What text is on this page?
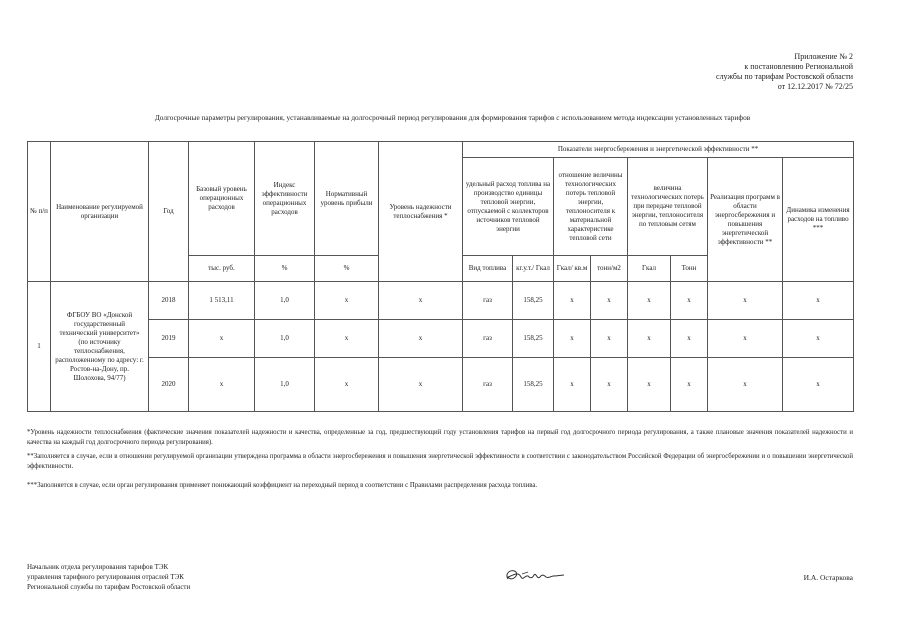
Приложение № 2
к постановлению Региональной
службы по тарифам Ростовской области
от 12.12.2017 № 72/25
Долгосрочные параметры регулирования, устанавливаемые на долгосрочный период регулирования для формирования тарифов с использованием метода индексации установленных тарифов
№ п/п	Наименование регулируемой организации	Год	Базовый уровень операционных расходов	Индекс эффективности операционных расходов	Нормативный уровень прибыли	Уровень надежности теплоснабжения *	Показатели энергосбережения и энергетической эффективности **							
							удельный расход топлива на производство единицы тепловой энергии, отпускаемой с коллекторов источников тепловой энергии		отношение величины технологических потерь тепловой энергии, теплоносителя к материальной характеристике тепловой сети		величина технологических потерь при передаче тепловой энергии, теплоносителя по тепловым сетям		Реализация программ в области энергосбережения и повышения энергетической эффективности **	Динамика изменения расходов на топливо ***
			тыс. руб.	%	%		Вид топлива	кг.у.т./ Гкал	Гкал/ кв.м	тонн/м2	Гкал	Тонн		
1	ФГБОУ ВО «Донской государственный технический университет» (по источнику теплоснабжения, расположенному по адресу: г. Ростов-на-Дону, пр. Шолохова, 94/77)	2018	1 513,11	1,0	x	x	газ	158,25	x	x	x	x	x	x
		2019	x	1,0	x	x	газ	158,25	x	x	x	x	x	x
		2020	x	1,0	x	x	газ	158,25	x	x	x	x	x	x
*Уровень надежности теплоснабжения (фактические значения показателей надежности и качества, определенные за год, предшествующий году установления тарифов на первый год долгосрочного периода регулирования, а также плановые значения показателей надежности и качества на каждый год долгосрочного периода регулирования).
**Заполняется в случае, если в отношении регулируемой организации утверждена программа в области энергосбережения и повышения энергетической эффективности в соответствии с законодательством Российской Федерации об энергосбережении и о повышении энергетической эффективности.
***Заполняется в случае, если орган регулирования применяет понижающий коэффициент на переходный период в соответствии с Правилами распределения расхода топлива.
Начальник отдела регулирования тарифов ТЭК
управления тарифного регулирования отраслей ТЭК
Региональной службы по тарифам Ростовской области
И.А. Остаркова
